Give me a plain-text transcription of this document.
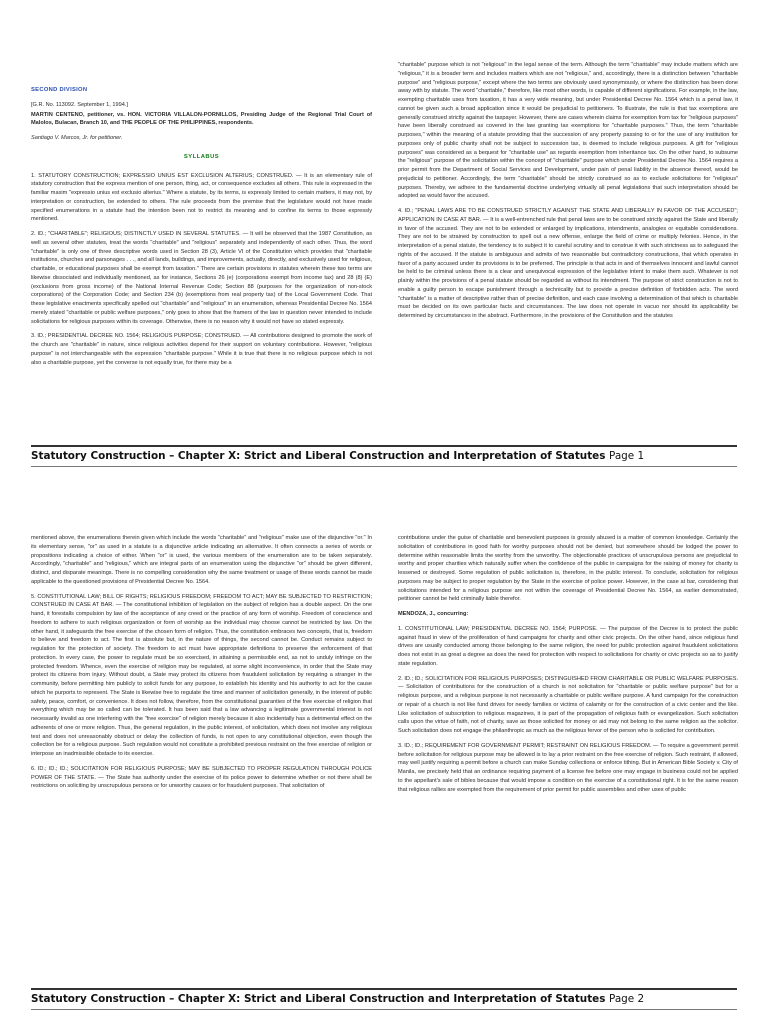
SECOND DIVISION

[G.R. No. 113092. September 1, 1994.]

MARTIN CENTENO, petitioner, vs. HON. VICTORIA VILLALON-PORNILLOS, Presiding Judge of the Regional Trial Court of Malolos, Bulacan, Branch 10, and THE PEOPLE OF THE PHILIPPINES, respondents.

Santiago V. Marcos, Jr. for petitioner.

SYLLABUS

1. STATUTORY CONSTRUCTION; EXPRESSIO UNIUS EST EXCLUSION ALTERIUS; CONSTRUED. — It is an elementary rule of statutory construction that the express mention of one person, thing, act, or consequence excludes all others. This rule is expressed in the familiar maxim "expressio unius est exclusio alterius." Where a statute, by its terms, is expressly limited to certain matters, it may not, by interpretation or construction, be extended to others. The rule proceeds from the premise that the legislature would not have made specified enumerations in a statute had the intention been not to restrict its meaning and to confine its terms to those expressly mentioned.

2. ID.; "CHARITABLE"; RELIGIOUS; DISTINCTLY USED IN SEVERAL STATUTES. — It will be observed that the 1987 Constitution, as well as several other statutes, treat the words "charitable" and "religious" separately and independently of each other. Thus, the word "charitable" is only one of three descriptive words used in Section 28 (3), Article VI of the Constitution which provides that "charitable institutions, churches and parsonages . . ., and all lands, buildings, and improvements, actually, directly, and exclusively used for religious, charitable, or educational purposes shall be exempt from taxation." There are certain provisions in statutes wherein these two terms are likewise dissociated and individually mentioned, as for instance, Sections 26 (e) (corporations exempt from income tax) and 28 (8) (E) (exclusions from gross income) of the National Internal Revenue Code; Section 88 (purposes for the organization of non-stock corporations) of the Corporation Code; and Section 234 (b) (exemptions from real property tax) of the Local Government Code. That these legislative enactments specifically spelled out "charitable" and "religious" in an enumeration, whereas Presidential Decree No. 1564 merely stated "charitable or public welfare purposes," only goes to show that the framers of the law in question never intended to include solicitations for religious purposes within its coverage. Otherwise, there is no reason why it would not have so stated expressly.

3. ID.; PRESIDENTIAL DECREE NO. 1564; RELIGIOUS PURPOSE; CONSTRUED. — All contributions designed to promote the work of the church are "charitable" in nature, since religious activities depend for their support on voluntary contributions. However, "religious purpose" is not interchangeable with the expression "charitable purpose." While it is true that there is no religious purpose which is not also a charitable purpose, yet the converse is not equally true, for there may be a

"charitable" purpose which is not "religious" in the legal sense of the term. Although the term "charitable" may include matters which are "religious," it is a broader term and includes matters which are not "religious," and, accordingly, there is a distinction between "charitable purpose" and "religious purpose," except where the two terms are obviously used synonymously, or where the distinction has been done away with by statute. The word "charitable," therefore, like most other words, is capable of different significations. For example, in the law, exempting charitable uses from taxation, it has a very wide meaning, but under Presidential Decree No. 1564 which is a penal law, it cannot be given such a broad application since it would be prejudicial to petitioners. To illustrate, the rule is that tax exemptions are generally construed strictly against the taxpayer. However, there are cases wherein claims for exemption from tax for "religious purposes" have been liberally construed as covered in the law granting tax exemptions for "charitable purposes." Thus, the term "charitable purposes," within the meaning of a statute providing that the succession of any property passing to or for the use of any institution for purposes only of public charity shall not be subject to succession tax, is deemed to include religious purposes. A gift for "religious purposes" was considered as a bequest for "charitable use" as regards exemption from inheritance tax. On the other hand, to subsume the "religious" purpose of the solicitation within the concept of "charitable" purpose which under Presidential Decree No. 1564 requires a prior permit from the Department of Social Services and Development, under pain of penal liability in the absence thereof, would be prejudicial to petitioner. Accordingly, the term "charitable" should be strictly construed so as to exclude solicitations for "religious" purposes. Thereby, we adhere to the fundamental doctrine underlying virtually all penal legislations that such interpretation should be adopted as would favor the accused.

4. ID.; "PENAL LAWS ARE TO BE CONSTRUED STRICTLY AGAINST THE STATE AND LIBERALLY IN FAVOR OF THE ACCUSED"; APPLICATION IN CASE AT BAR. — It is a well-entrenched rule that penal laws are to be construed strictly against the State and liberally in favor of the accused. They are not to be extended or enlarged by implications, intendments, analogies or equitable considerations. They are not to be strained by construction to spell out a new offense, enlarge the field of crime or multiply felonies. Hence, in the interpretation of a penal statute, the tendency is to subject it to careful scrutiny and to construe it with such strictness as to safeguard the rights of the accused. If the statute is ambiguous and admits of two reasonable but contradictory constructions, that which operates in favor of a party accused under its provisions is to be preferred. The principle is that acts in and of themselves innocent and lawful cannot be held to be criminal unless there is a clear and unequivocal expression of the legislative intent to make them such. Whatever is not plainly within the provisions of a penal statute should be regarded as without its intendment. The purpose of strict construction is not to enable a guilty person to escape punishment through a technicality but to provide a precise definition of forbidden acts. The word "charitable" is a matter of descriptive rather than of precise definition, and each case involving a determination of that which is charitable must be decided on its own particular facts and circumstances. The law does not operate in vacuo nor should its applicability be determined by circumstances in the abstract. Furthermore, in the provisions of the Constitution and the statutes

Statutory Construction – Chapter X: Strict and Liberal Construction and Interpretation of Statutes Page 1

mentioned above, the enumerations therein given which include the words "charitable" and "religious" make use of the disjunctive "or." In its elementary sense, "or" as used in a statute is a disjunctive article indicating an alternative. It often connects a series of words or propositions indicating a choice of either. When "or" is used, the various members of the enumeration are to be taken separately. Accordingly, "charitable" and "religious," which are integral parts of an enumeration using the disjunctive "or" should be given different, distinct, and disparate meanings. There is no compelling consideration why the same treatment or usage of these words cannot be made applicable to the questioned provisions of Presidential Decree No. 1564.

5. CONSTITUTIONAL LAW; BILL OF RIGHTS; RELIGIOUS FREEDOM; FREEDOM TO ACT; MAY BE SUBJECTED TO RESTRICTION; CONSTRUED IN CASE AT BAR. — The constitutional inhibition of legislation on the subject of religion has a double aspect. On the one hand, it forestalls compulsion by law of the acceptance of any creed or the practice of any form of worship. Freedom of conscience and freedom to adhere to such religious organization or form of worship as the individual may choose cannot be restricted by law. On the other hand, it safeguards the free exercise of the chosen form of religion. Thus, the constitution embraces two concepts, that is, freedom to believe and freedom to act. The first is absolute but, in the nature of things, the second cannot be. Conduct remains subject to regulation for the protection of society. The freedom to act must have appropriate definitions to preserve the enforcement of that protection. In every case, the power to regulate must be so exercised, in attaining a permissible end, as not to unduly infringe on the protected freedom. Whence, even the exercise of religion may be regulated, at some slight inconvenience, in order that the State may protect its citizens from injury. Without doubt, a State may protect its citizens from fraudulent solicitation by requiring a stranger in the community, before permitting him publicly to solicit funds for any purpose, to establish his identity and his authority to act for the cause which he purports to represent. The State is likewise free to regulate the time and manner of solicitation generally, in the interest of public safety, peace, comfort, or convenience. It does not follow, therefore, from the constitutional guaranties of the free exercise of religion that everything which may be so called can be tolerated. It has been said that a law advancing a legitimate governmental interest is not necessarily invalid as one interfering with the "free exercise" of religion merely because it also incidentally has a detrimental effect on the adherents of one or more religion. Thus, the general regulation, in the public interest, of solicitation, which does not involve any religious test and does not unreasonably obstruct or delay the collection of funds, is not open to any constitutional objection, even though the collection be for a religious purpose. Such regulation would not constitute a prohibited previous restraint on the free exercise of religion or interpose an inadmissible obstacle to its exercise.

6. ID.; ID.; ID.; SOLICITATION FOR RELIGIOUS PURPOSE; MAY BE SUBJECTED TO PROPER REGULATION THROUGH POLICE POWER OF THE STATE. — The State has authority under the exercise of its police power to determine whether or not there shall be restrictions on soliciting by unscrupulous persons or for unworthy causes or for fraudulent purposes. That solicitation of

contributions under the guise of charitable and benevolent purposes is grossly abused is a matter of common knowledge. Certainly the solicitation of contributions in good faith for worthy purposes should not be denied, but somewhere should be lodged the power to determine within reasonable limits the worthy from the unworthy. The objectionable practices of unscrupulous persons are prejudicial to worthy and proper charities which naturally suffer when the confidence of the public in campaigns for the raising of money for charity is lessened or destroyed. Some regulation of public solicitation is, therefore, in the public interest. To conclude, solicitation for religious purposes may be subject to proper regulation by the State in the exercise of police power. However, in the case at bar, considering that solicitations intended for a religious purpose are not within the coverage of Presidential Decree No. 1564, as earlier demonstrated, petitioner cannot be held criminally liable therefor.

MENDOZA, J., concurring:

1. CONSTITUTIONAL LAW; PRESIDENTIAL DECREE NO. 1564; PURPOSE. — The purpose of the Decree is to protect the public against fraud in view of the proliferation of fund campaigns for charity and other civic projects. On the other hand, since religious fund drives are usually conducted among those belonging to the same religion, the need for public protection against fraudulent solicitations does not exist in as great a degree as does the need for protection with respect to solicitations for charity or civic projects so as to justify state regulation.

2. ID.; ID.; SOLICITATION FOR RELIGIOUS PURPOSES; DISTINGUISHED FROM CHARITABLE OR PUBLIC WELFARE PURPOSES. — Solicitation of contributions for the construction of a church is not solicitation for "charitable or public welfare purpose" but for a religious purpose, and a religious purpose is not necessarily a charitable or public welfare purpose. A fund campaign for the construction or repair of a church is not like fund drives for needy families or victims of calamity or for the construction of a civic center and the like. Like solicitation of subscription to religious magazines, it is part of the propagation of religious faith or evangelization. Such solicitation calls upon the virtue of faith, not of charity, save as those solicited for money or aid may not belong to the same religion as the solicitor. Such solicitation does not engage the philanthropic as much as the religious fervor of the person who is solicited for contribution.

3. ID.; ID.; REQUIREMENT FOR GOVERNMENT PERMIT; RESTRAINT ON RELIGIOUS FREEDOM. — To require a government permit before solicitation for religious purpose may be allowed is to lay a prior restraint on the free exercise of religion. Such restraint, if allowed, may well justify requiring a permit before a church can make Sunday collections or enforce tithing. But in American Bible Society v. City of Manila, we precisely held that an ordinance requiring payment of a license fee before one may engage in business could not be applied to the appellant's sale of bibles because that would impose a condition on the exercise of a constitutional right. It is for the same reason that religious rallies are exempted from the requirement of prior permit for public assemblies and other uses of public

Statutory Construction – Chapter X: Strict and Liberal Construction and Interpretation of Statutes Page 2
